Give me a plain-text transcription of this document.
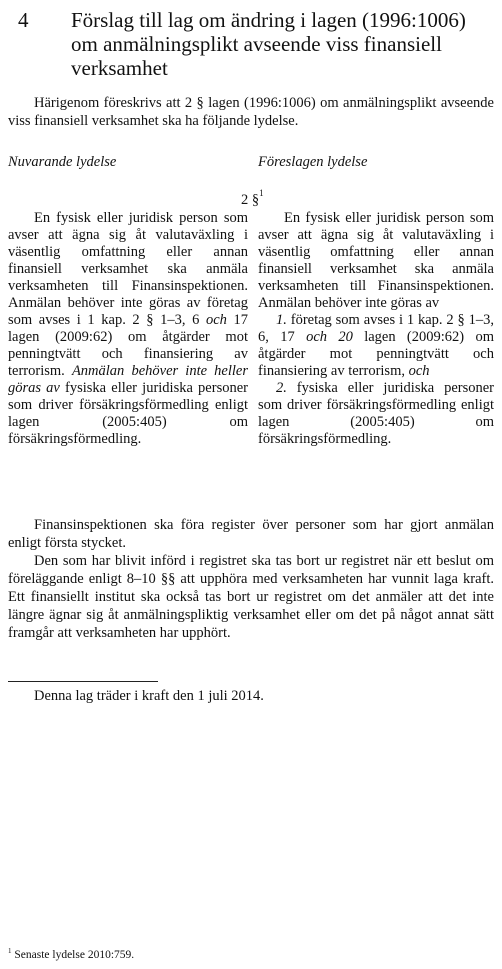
4 Förslag till lag om ändring i lagen (1996:1006) om anmälningsplikt avseende viss finansiell verksamhet
Härigenom föreskrivs att 2 § lagen (1996:1006) om anmälningsplikt avseende viss finansiell verksamhet ska ha följande lydelse.
Nuvarande lydelse	Föreslagen lydelse
2 §$^1$

En fysisk eller juridisk person som avser att ägna sig åt valutaväxling i väsentlig omfattning eller annan finansiell verksamhet ska anmäla verksamheten till Finansinspektionen. Anmälan behöver inte göras av företag som avses i 1 kap. 2 § 1–3, 6 och 17 lagen (2009:62) om åtgärder mot penningtvätt och finansiering av terrorism. Anmälan behöver inte heller göras av fysiska eller juridiska personer som driver försäkringsförmedling enligt lagen (2005:405) om försäkringsförmedling.

En fysisk eller juridisk person som avser att ägna sig åt valutaväxling i väsentlig omfattning eller annan finansiell verksamhet ska anmäla verksamheten till Finansinspektionen. Anmälan behöver inte göras av

1. företag som avses i 1 kap. 2 § 1–3, 6, 17 och 20 lagen (2009:62) om åtgärder mot penningtvätt och finansiering av terrorism, och

2. fysiska eller juridiska personer som driver försäkringsförmedling enligt lagen (2005:405) om försäkringsförmedling.

Finansinspektionen ska föra register över personer som har gjort anmälan enligt första stycket.

Den som har blivit införd i registret ska tas bort ur registret när ett beslut om föreläggande enligt 8–10 §§ att upphöra med verksamheten har vunnit laga kraft. Ett finansiellt institut ska också tas bort ur registret om det anmäler att det inte längre ägnar sig åt anmälningspliktig verksamhet eller om det på något annat sätt framgår att verksamheten har upphört.

Denna lag träder i kraft den 1 juli 2014.
$^1$ Senaste lydelse 2010:759.
